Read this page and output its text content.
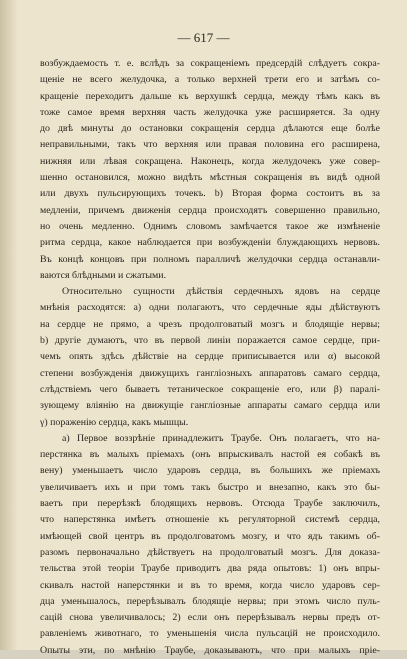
— 617 —
возбуждаемость т. е. вслѣдъ за сокращенiемъ предсердiй слѣдуетъ сокра-
щенiе не всего желудочка, а только верхней трети его и затѣмъ со-
кращенiе переходитъ дальше къ верхушкѣ сердца, между тѣмъ какъ въ
тоже самое время верхняя часть желудочка уже расширяется. За одну
до двѣ минуты до остановки сокращенiя сердца дѣлаются еще болѣе
неправильными, такъ что верхняя или правая половина его расширена,
нижняя или лѣвая сокращена. Наконецъ, когда желудочекъ уже совер-
шенно остановился, можно видѣть мѣстныя сокращенiя въ видѣ одной
или двухъ пульсирующихъ точекъ. b) Вторая форма состоитъ въ за
медленiи, причемъ движенiя сердца происходятъ совершенно правильно,
но очень медленно. Однимъ словомъ замѣчается такое же измѣненiе
ритма сердца, какое наблюдается при возбужденiи блуждающихъ нервовъ.
Въ концѣ концовъ при полномъ паралличѣ желудочки сердца останавли-
ваются блѣдными и сжатыми.
Относительно сущности дѣйствiя сердечныхъ ядовъ на сердце
мнѣнiя расходятся: а) одни полагаютъ, что сердечные яды дѣйствуютъ
на сердце не прямо, а чрезъ продолговатый мозгъ и блодящiе нервы;
b) другiе думаютъ, что въ первой линiи поражается самое сердце, при-
чемъ опять здѣсь дѣйствiе на сердце приписывается или α) высокой
степени возбужденiя движущихъ ганглiозныхъ аппаратовъ самаго сердца,
слѣдствiемъ чего бываетъ тетаническое сокращенiе его, или β) паралі-
зующему влiянiю на движущiе ганглiозные аппараты самаго сердца или
γ) пораженiю сердца, какъ мышцы.
а) Первое воззрѣнiе принадлежитъ Траубе. Онъ полагаетъ, что на-
перстянка въ малыхъ прiемахъ (онъ впрыскивалъ настой ея собакѣ въ
вену) уменьшаетъ число ударовъ сердца, въ большихъ же прiемахъ
увеличиваетъ ихъ и при томъ такъ быстро и внезапно, какъ это бы-
ваетъ при перерѣзкѣ блодящихъ нервовъ. Отсюда Траубе заключилъ,
что наперстянка имѣетъ отношенiе къ регуляторной системѣ сердца,
имѣющей свой центръ въ продолговатомъ мозгу, и что ядъ такимъ об-
разомъ первоначально дѣйствуетъ на продолговатый мозгъ. Для доказа-
тельства этой теорiи Траубе приводитъ два ряда опытовъ: 1) онъ впры-
скивалъ настой наперстянки и въ то время, когда число ударовъ сер-
дца уменьшалось, перерѣзывалъ блодящiе нервы; при этомъ число пуль-
сацiй снова увеличивалось; 2) если онъ перерѣзывалъ нервы предъ от-
равленiемъ животнаго, то уменьшенiя числа пульсацiй не происходило.
Опыты эти, по мнѣнiю Траубе, доказываютъ, что при малыхъ прiе-
